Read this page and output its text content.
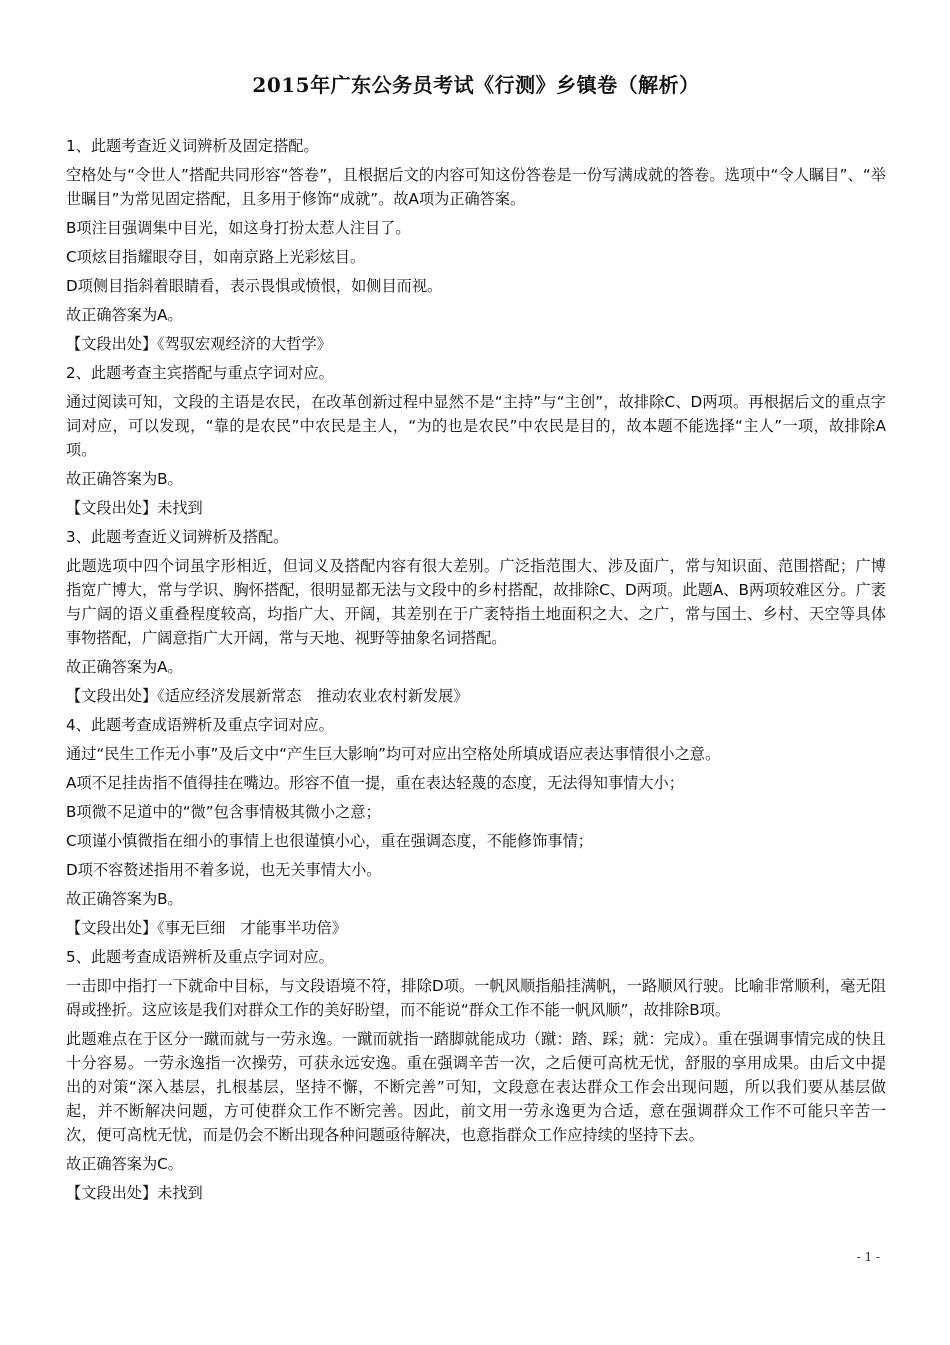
2015年广东公务员考试《行测》乡镇卷（解析）

1、此题考查近义词辨析及固定搭配。

空格处与“令世人”搭配共同形容“答卷”，且根据后文的内容可知这份答卷是一份写满成就的答卷。选项中“令人瞩目”、“举世瞩目”为常见固定搭配，且多用于修饰“成就”。故A项为正确答案。

B项注目强调集中目光，如这身打扮太惹人注目了。

C项炫目指耀眼夺目，如南京路上光彩炫目。

D项侧目指斜着眼睛看，表示畏惧或愤恨，如侧目而视。

故正确答案为A。

【文段出处】《驾驭宏观经济的大哲学》

2、此题考查主宾搭配与重点字词对应。

通过阅读可知，文段的主语是农民，在改革创新过程中显然不是“主持”与“主创”，故排除C、D两项。再根据后文的重点字词对应，可以发现，“靠的是农民”中农民是主人，“为的也是农民”中农民是目的，故本题不能选择“主人”一项，故排除A项。

故正确答案为B。

【文段出处】未找到

3、此题考查近义词辨析及搭配。

此题选项中四个词虽字形相近，但词义及搭配内容有很大差别。广泛指范围大、涉及面广，常与知识面、范围搭配；广博指宽广博大，常与学识、胸怀搭配，很明显都无法与文段中的乡村搭配，故排除C、D两项。此题A、B两项较难区分。广袤与广阔的语义重叠程度较高，均指广大、开阔，其差别在于广袤特指土地面积之大、之广，常与国土、乡村、天空等具体事物搭配，广阔意指广大开阔，常与天地、视野等抽象名词搭配。

故正确答案为A。

【文段出处】《适应经济发展新常态　推动农业农村新发展》

4、此题考查成语辨析及重点字词对应。

通过“民生工作无小事”及后文中“产生巨大影响”均可对应出空格处所填成语应表达事情很小之意。

A项不足挂齿指不值得挂在嘴边。形容不值一提，重在表达轻蔑的态度，无法得知事情大小；

B项微不足道中的“微”包含事情极其微小之意；

C项谨小慎微指在细小的事情上也很谨慎小心，重在强调态度，不能修饰事情；

D项不容赘述指用不着多说，也无关事情大小。

故正确答案为B。

【文段出处】《事无巨细　才能事半功倍》

5、此题考查成语辨析及重点字词对应。

一击即中指打一下就命中目标，与文段语境不符，排除D项。一帆风顺指船挂满帆，一路顺风行驶。比喻非常顺利，毫无阻碍或挫折。这应该是我们对群众工作的美好盼望，而不能说“群众工作不能一帆风顺”，故排除B项。

此题难点在于区分一蹴而就与一劳永逸。一蹴而就指一踏脚就能成功（蹴：踏、踩；就：完成）。重在强调事情完成的快且十分容易。一劳永逸指一次操劳，可获永远安逸。重在强调辛苦一次，之后便可高枕无忧，舒服的享用成果。由后文中提出的对策“深入基层，扎根基层，坚持不懈，不断完善”可知，文段意在表达群众工作会出现问题，所以我们要从基层做起，并不断解决问题，方可使群众工作不断完善。因此，前文用一劳永逸更为合适，意在强调群众工作不可能只辛苦一次，便可高枕无忧，而是仍会不断出现各种问题亟待解决，也意指群众工作应持续的坚持下去。

故正确答案为C。

【文段出处】未找到

- 1 -
